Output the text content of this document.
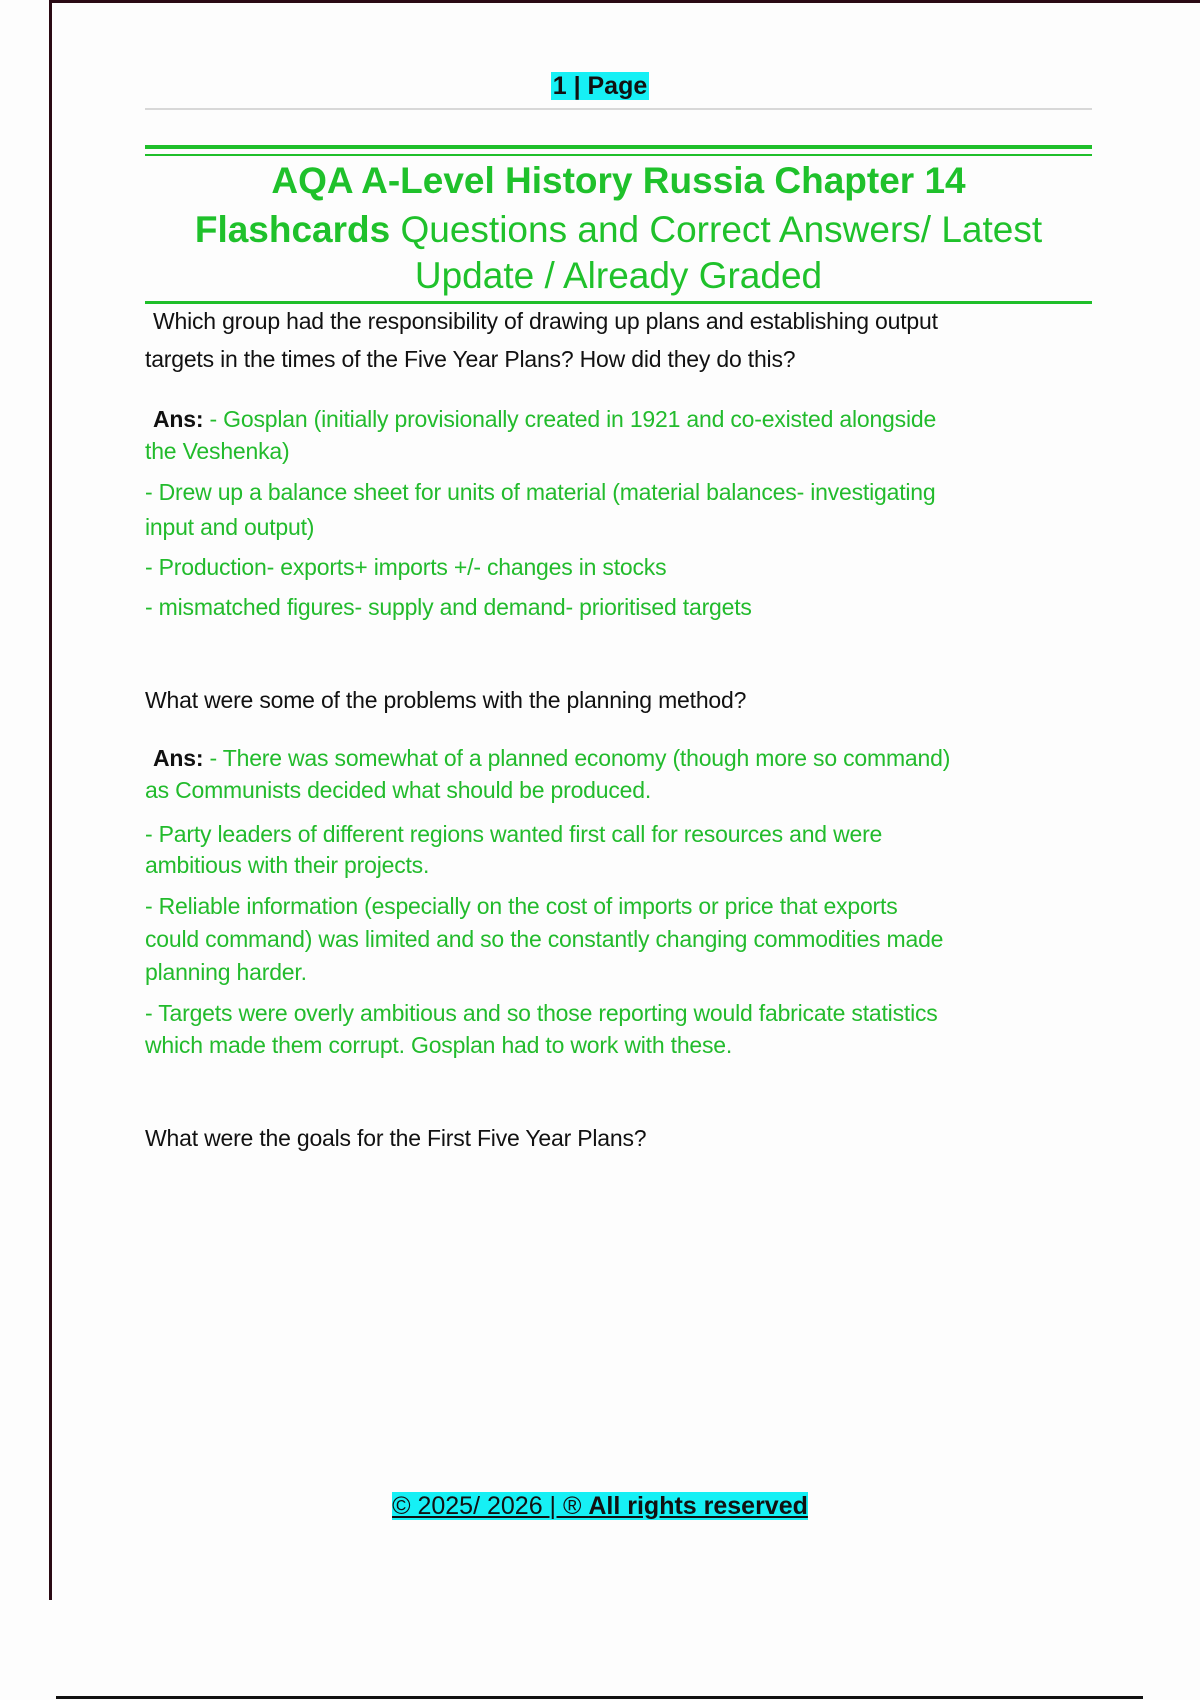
1 | Page
AQA A-Level History Russia Chapter 14
Flashcards Questions and Correct Answers/ Latest
Update / Already Graded
Which group had the responsibility of drawing up plans and establishing output
targets in the times of the Five Year Plans? How did they do this?
Ans: - Gosplan (initially provisionally created in 1921 and co-existed alongside
the Veshenka)
- Drew up a balance sheet for units of material (material balances- investigating
input and output)
- Production- exports+ imports +/- changes in stocks
- mismatched figures- supply and demand- prioritised targets
What were some of the problems with the planning method?
Ans: - There was somewhat of a planned economy (though more so command)
as Communists decided what should be produced.
- Party leaders of different regions wanted first call for resources and were
ambitious with their projects.
- Reliable information (especially on the cost of imports or price that exports
could command) was limited and so the constantly changing commodities made
planning harder.
- Targets were overly ambitious and so those reporting would fabricate statistics
which made them corrupt. Gosplan had to work with these.
What were the goals for the First Five Year Plans?
© 2025/ 2026 | ® All rights reserved
